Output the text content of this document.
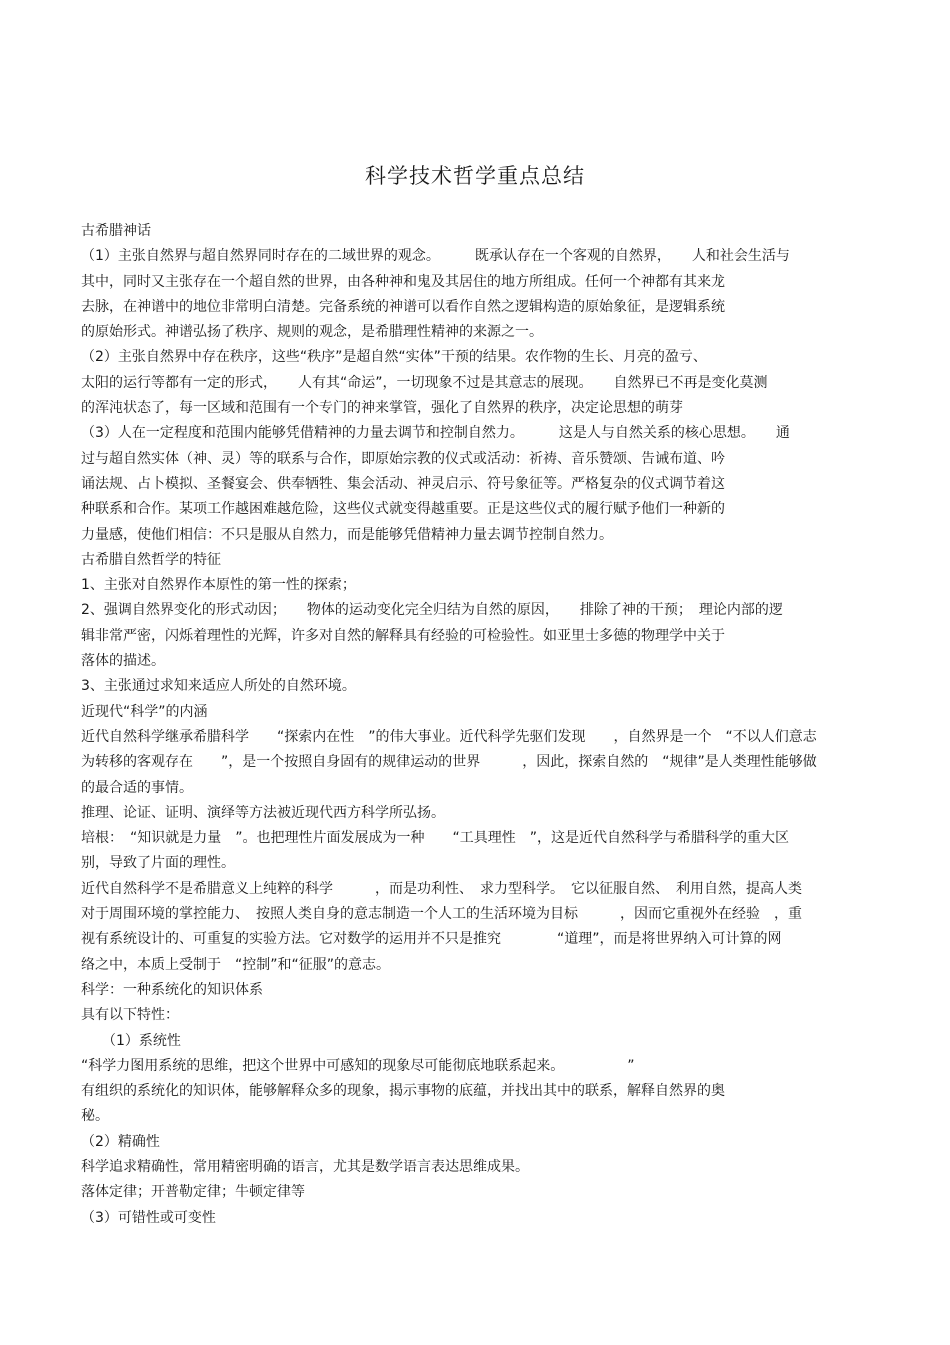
科学技术哲学重点总结
古希腊神话
（1）主张自然界与超自然界同时存在的二域世界的观念。　　　既承认存在一个客观的自然界，　　人和社会生活与
其中，同时又主张存在一个超自然的世界，由各种神和鬼及其居住的地方所组成。任何一个神都有其来龙
去脉，在神谱中的地位非常明白清楚。完备系统的神谱可以看作自然之逻辑构造的原始象征，是逻辑系统
的原始形式。神谱弘扬了秩序、规则的观念，是希腊理性精神的来源之一。
（2）主张自然界中存在秩序，这些“秩序”是超自然“实体”干预的结果。农作物的生长、月亮的盈亏、
太阳的运行等都有一定的形式，　　人有其“命运”，一切现象不过是其意志的展现。　　自然界已不再是变化莫测
的浑沌状态了，每一区域和范围有一个专门的神来掌管，强化了自然界的秩序，决定论思想的萌芽
（3）人在一定程度和范围内能够凭借精神的力量去调节和控制自然力。　　　这是人与自然关系的核心思想。　　通
过与超自然实体（神、灵）等的联系与合作，即原始宗教的仪式或活动：祈祷、音乐赞颂、告诫布道、吟
诵法规、占卜模拟、圣餐宴会、供奉牺牲、集会活动、神灵启示、符号象征等。严格复杂的仪式调节着这
种联系和合作。某项工作越困难越危险，这些仪式就变得越重要。正是这些仪式的履行赋予他们一种新的
力量感，使他们相信：不只是服从自然力，而是能够凭借精神力量去调节控制自然力。
古希腊自然哲学的特征
1、主张对自然界作本原性的第一性的探索；
2、强调自然界变化的形式动因；　　物体的运动变化完全归结为自然的原因，　　排除了神的干预；　理论内部的逻
辑非常严密，闪烁着理性的光辉，许多对自然的解释具有经验的可检验性。如亚里士多德的物理学中关于
落体的描述。
3、主张通过求知来适应人所处的自然环境。
近现代“科学”的内涵
近代自然科学继承希腊科学　　“探索内在性　”的伟大事业。近代科学先驱们发现　　，自然界是一个　“不以人们意志
为转移的客观存在　　”，是一个按照自身固有的规律运动的世界　　　，因此，探索自然的　“规律”是人类理性能够做
的最合适的事情。
推理、论证、证明、演绎等方法被近现代西方科学所弘扬。
培根：　“知识就是力量　”。也把理性片面发展成为一种　　“工具理性　”，这是近代自然科学与希腊科学的重大区
别，导致了片面的理性。
近代自然科学不是希腊意义上纯粹的科学　　　，而是功利性、　求力型科学。　它以征服自然、　利用自然，提高人类
对于周围环境的掌控能力、　按照人类自身的意志制造一个人工的生活环境为目标　　　，因而它重视外在经验　，重
视有系统设计的、可重复的实验方法。它对数学的运用并不只是推究　　　　“道理”，而是将世界纳入可计算的网
络之中，本质上受制于　“控制”和“征服”的意志。
科学：一种系统化的知识体系
具有以下特性：
　　（1）系统性
“科学力图用系统的思维，把这个世界中可感知的现象尽可能彻底地联系起来。　　　　　”
有组织的系统化的知识体，能够解释众多的现象，揭示事物的底蕴，并找出其中的联系，解释自然界的奥
秘。
（2）精确性
科学追求精确性，常用精密明确的语言，尤其是数学语言表达思维成果。
落体定律；开普勒定律；牛顿定律等
（3）可错性或可变性
